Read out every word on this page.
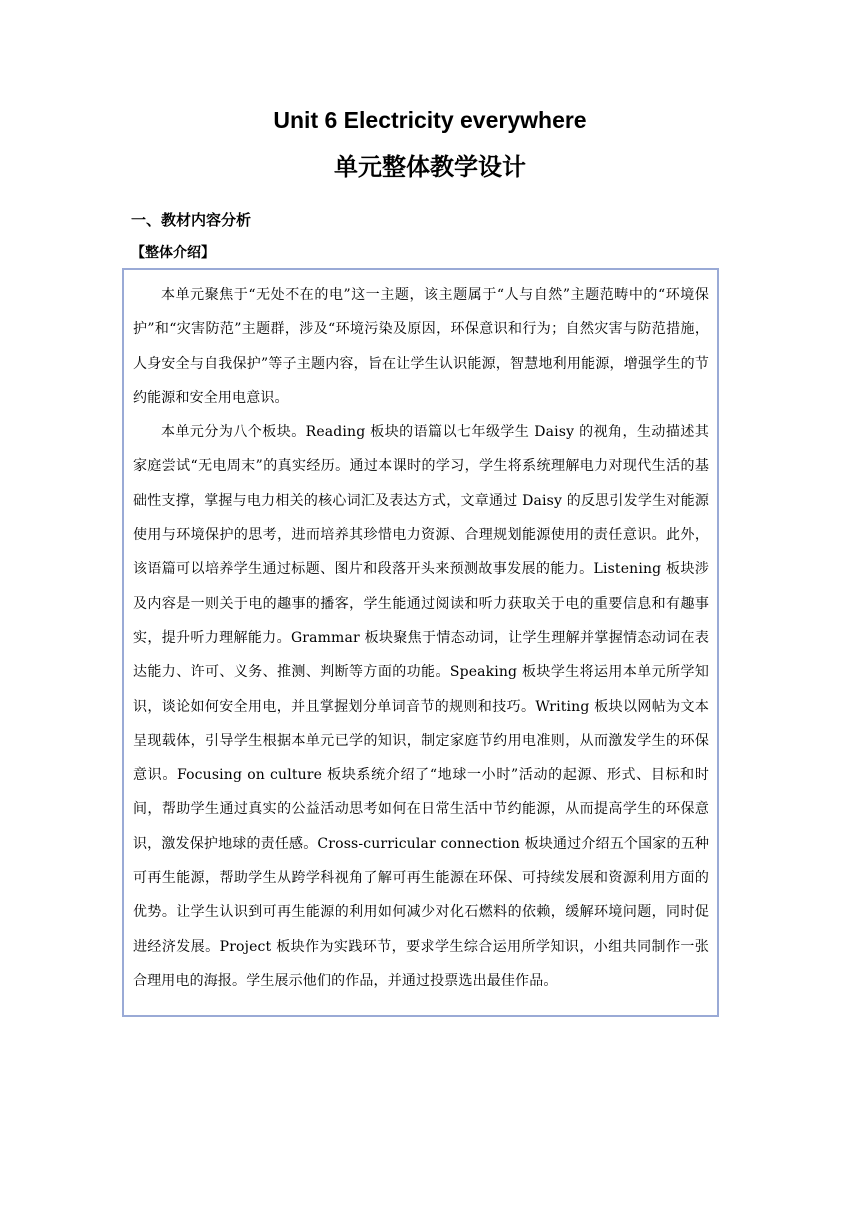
Unit 6 Electricity everywhere
单元整体教学设计
一、教材内容分析
【整体介绍】

本单元聚焦于“无处不在的电”这一主题，该主题属于“人与自然”主题范畴中的“环境保护”和“灾害防范”主题群，涉及“环境污染及原因，环保意识和行为；自然灾害与防范措施，人身安全与自我保护”等子主题内容，旨在让学生认识能源，智慧地利用能源，增强学生的节约能源和安全用电意识。

本单元分为八个板块。Reading 板块的语篇以七年级学生 Daisy 的视角，生动描述其家庭尝试“无电周末”的真实经历。通过本课时的学习，学生将系统理解电力对现代生活的基础性支撑，掌握与电力相关的核心词汇及表达方式，文章通过 Daisy 的反思引发学生对能源使用与环境保护的思考，进而培养其珍惜电力资源、合理规划能源使用的责任意识。此外，该语篇可以培养学生通过标题、图片和段落开头来预测故事发展的能力。Listening 板块涉及内容是一则关于电的趣事的播客，学生能通过阅读和听力获取关于电的重要信息和有趣事实，提升听力理解能力。Grammar 板块聚焦于情态动词，让学生理解并掌握情态动词在表达能力、许可、义务、推测、判断等方面的功能。Speaking 板块学生将运用本单元所学知识，谈论如何安全用电，并且掌握划分单词音节的规则和技巧。Writing 板块以网帖为文本呈现载体，引导学生根据本单元已学的知识，制定家庭节约用电准则，从而激发学生的环保意识。Focusing on culture 板块系统介绍了“地球一小时”活动的起源、形式、目标和时间，帮助学生通过真实的公益活动思考如何在日常生活中节约能源，从而提高学生的环保意识，激发保护地球的责任感。Cross-curricular connection 板块通过介绍五个国家的五种可再生能源，帮助学生从跨学科视角了解可再生能源在环保、可持续发展和资源利用方面的优势。让学生认识到可再生能源的利用如何减少对化石燃料的依赖，缓解环境问题，同时促进经济发展。Project 板块作为实践环节，要求学生综合运用所学知识，小组共同制作一张合理用电的海报。学生展示他们的作品，并通过投票选出最佳作品。
